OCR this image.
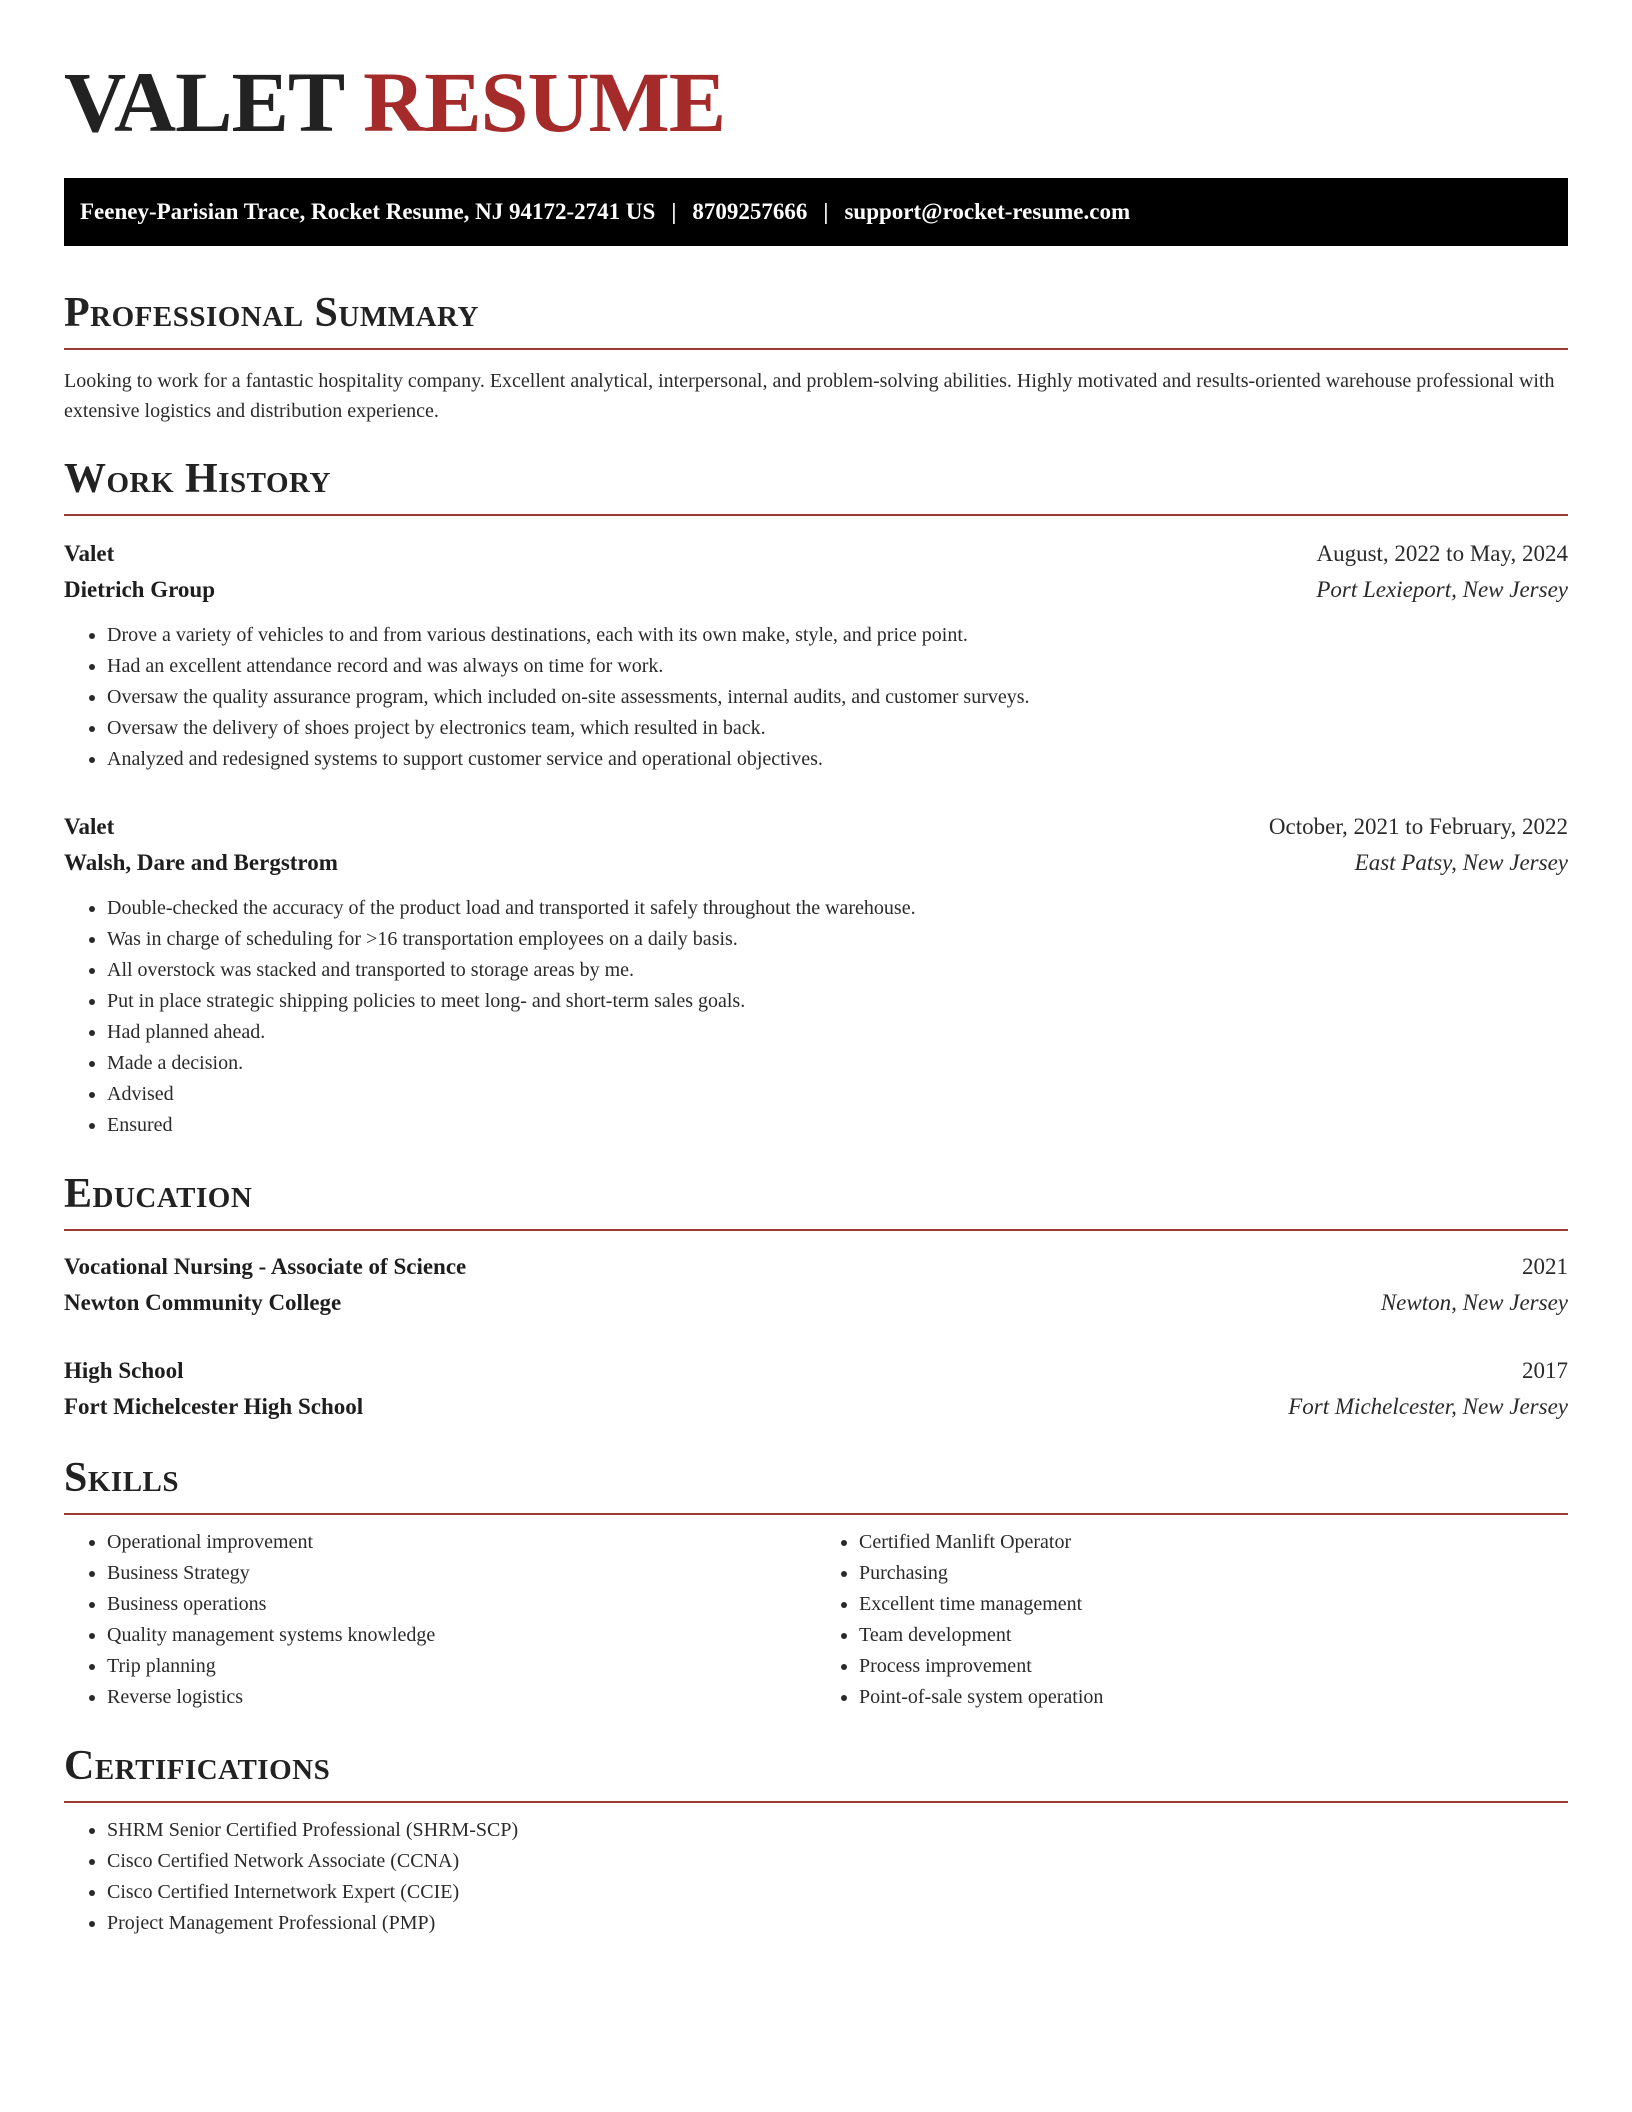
VALET RESUME
Feeney-Parisian Trace, Rocket Resume, NJ 94172-2741 US | 8709257666 | support@rocket-resume.com
Professional Summary
Looking to work for a fantastic hospitality company. Excellent analytical, interpersonal, and problem-solving abilities. Highly motivated and results-oriented warehouse professional with extensive logistics and distribution experience.
Work History
Valet	August, 2022 to May, 2024
Dietrich Group	Port Lexieport, New Jersey
• Drove a variety of vehicles to and from various destinations, each with its own make, style, and price point.
• Had an excellent attendance record and was always on time for work.
• Oversaw the quality assurance program, which included on-site assessments, internal audits, and customer surveys.
• Oversaw the delivery of shoes project by electronics team, which resulted in back.
• Analyzed and redesigned systems to support customer service and operational objectives.
Valet	October, 2021 to February, 2022
Walsh, Dare and Bergstrom	East Patsy, New Jersey
• Double-checked the accuracy of the product load and transported it safely throughout the warehouse.
• Was in charge of scheduling for >16 transportation employees on a daily basis.
• All overstock was stacked and transported to storage areas by me.
• Put in place strategic shipping policies to meet long- and short-term sales goals.
• Had planned ahead.
• Made a decision.
• Advised
• Ensured
Education
Vocational Nursing - Associate of Science	2021
Newton Community College	Newton, New Jersey
High School	2017
Fort Michelcester High School	Fort Michelcester, New Jersey
Skills
• Operational improvement
• Business Strategy
• Business operations
• Quality management systems knowledge
• Trip planning
• Reverse logistics
• Certified Manlift Operator
• Purchasing
• Excellent time management
• Team development
• Process improvement
• Point-of-sale system operation
Certifications
• SHRM Senior Certified Professional (SHRM-SCP)
• Cisco Certified Network Associate (CCNA)
• Cisco Certified Internetwork Expert (CCIE)
• Project Management Professional (PMP)
